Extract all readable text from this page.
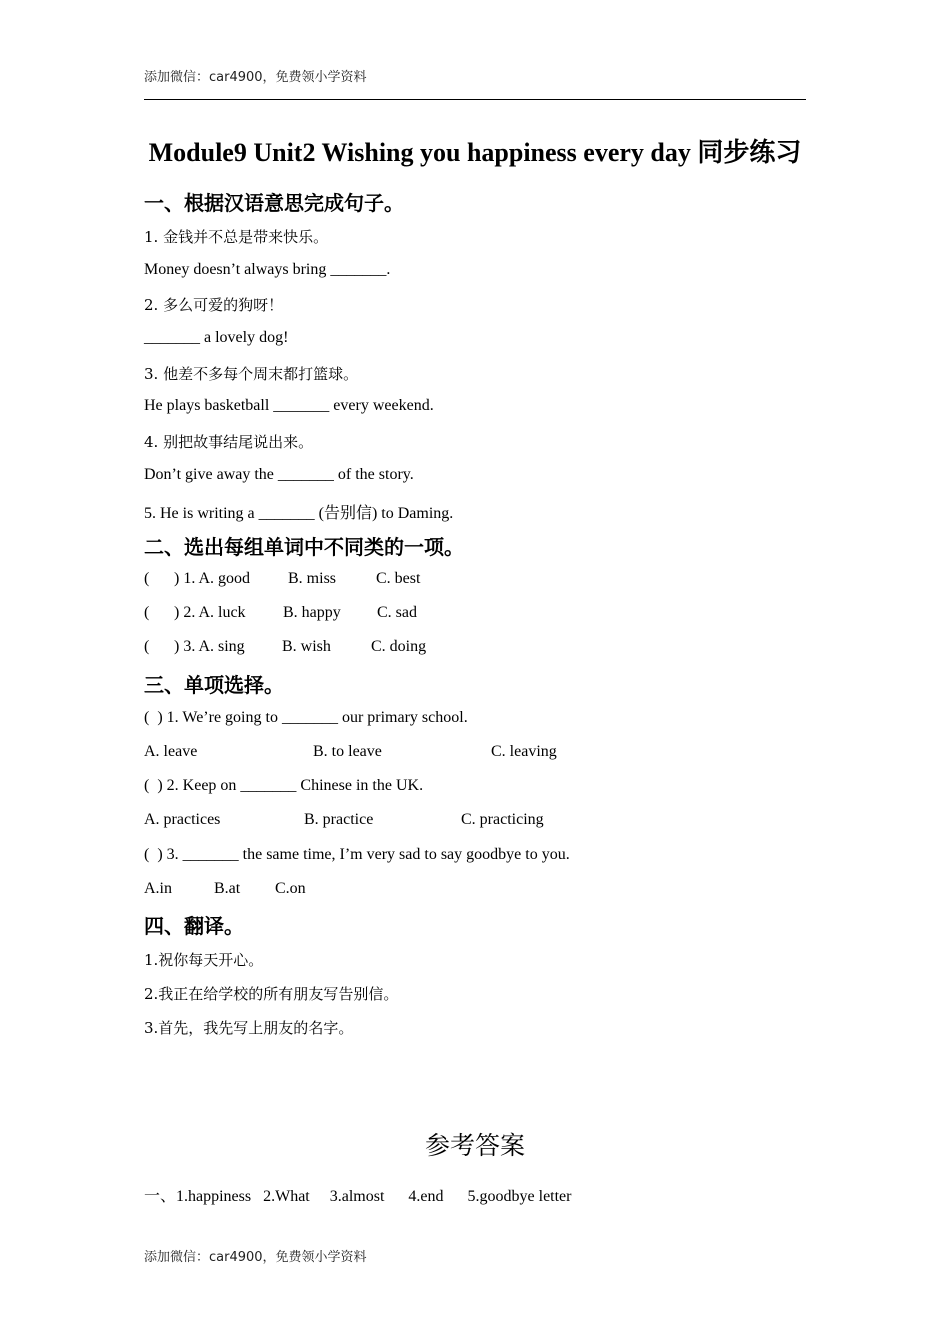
添加微信：car4900，免费领小学资料
Module9 Unit2 Wishing you happiness every day 同步练习
一、根据汉语意思完成句子。
1. 金钱并不总是带来快乐。
Money doesn’t always bring _______.
2. 多么可爱的狗呀！
_______ a lovely dog!
3. 他差不多每个周末都打篮球。
He plays basketball _______ every weekend.
4. 别把故事结尾说出来。
Don’t give away the _______ of the story.
5. He is writing a _______ (告别信) to Daming.
二、选出每组单词中不同类的一项。
( ) 1. A. good B. miss C. best
( ) 2. A. luck B. happy C. sad
( ) 3. A. sing B. wish	C. doing
三、单项选择。
(  ) 1. We’re going to _______ our primary school.
A. leave	B. to leave	C. leaving
(  ) 2. Keep on _______ Chinese in the UK.
A. practices	B. practice	C. practicing
(  ) 3. _______ the same time, I’m very sad to say goodbye to you.
A.in	B.at C.on
四、翻译。
1.祝你每天开心。
2.我正在给学校的所有朋友写告别信。
3.首先，我先写上朋友的名字。
参考答案
一、1.happiness   2.What     3.almost      4.end      5.goodbye letter
添加微信：car4900，免费领小学资料
